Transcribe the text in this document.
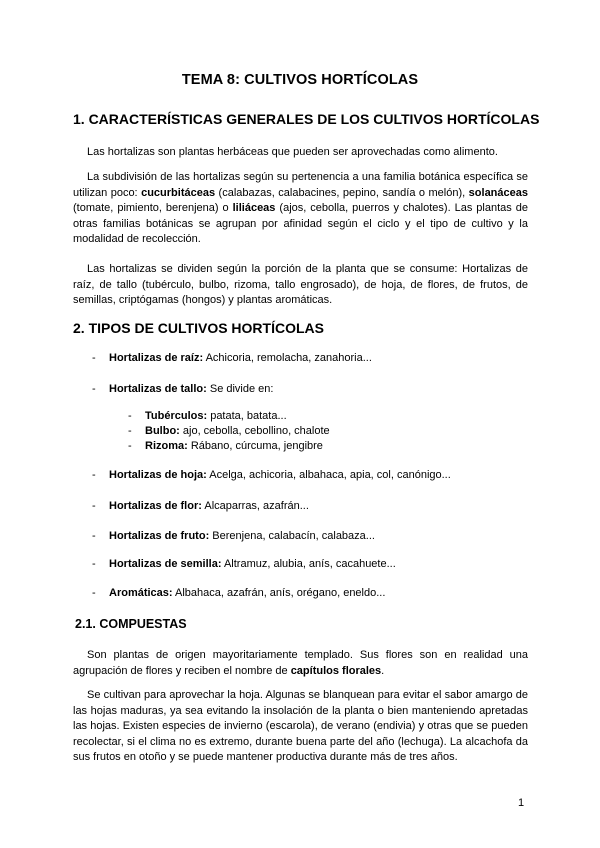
TEMA 8: CULTIVOS HORTÍCOLAS
1. CARACTERÍSTICAS GENERALES DE LOS CULTIVOS HORTÍCOLAS
Las hortalizas son plantas herbáceas que pueden ser aprovechadas como alimento.
La subdivisión de las hortalizas según su pertenencia a una familia botánica específica se utilizan poco: cucurbitáceas (calabazas, calabacines, pepino, sandía o melón), solanáceas (tomate, pimiento, berenjena) o liliáceas (ajos, cebolla, puerros y chalotes). Las plantas de otras familias botánicas se agrupan por afinidad según el ciclo y el tipo de cultivo y la modalidad de recolección.
Las hortalizas se dividen según la porción de la planta que se consume: Hortalizas de raíz, de tallo (tubérculo, bulbo, rizoma, tallo engrosado), de hoja, de flores, de frutos, de semillas, criptógamas (hongos) y plantas aromáticas.
2. TIPOS DE CULTIVOS HORTÍCOLAS
- Hortalizas de raíz: Achicoria, remolacha, zanahoria...
- Hortalizas de tallo: Se divide en:
- Tubérculos: patata, batata...
- Bulbo: ajo, cebolla, cebollino, chalote
- Rizoma: Rábano, cúrcuma, jengibre
- Hortalizas de hoja: Acelga, achicoria, albahaca, apia, col, canónigo...
- Hortalizas de flor: Alcaparras, azafrán...
- Hortalizas de fruto: Berenjena, calabacín, calabaza...
- Hortalizas de semilla: Altramuz, alubia, anís, cacahuete...
- Aromáticas: Albahaca, azafrán, anís, orégano, eneldo...
2.1. COMPUESTAS
Son plantas de origen mayoritariamente templado. Sus flores son en realidad una agrupación de flores y reciben el nombre de capítulos florales.
Se cultivan para aprovechar la hoja. Algunas se blanquean para evitar el sabor amargo de las hojas maduras, ya sea evitando la insolación de la planta o bien manteniendo apretadas las hojas. Existen especies de invierno (escarola), de verano (endivia) y otras que se pueden recolectar, si el clima no es extremo, durante buena parte del año (lechuga). La alcachofa da sus frutos en otoño y se puede mantener productiva durante más de tres años.
1
